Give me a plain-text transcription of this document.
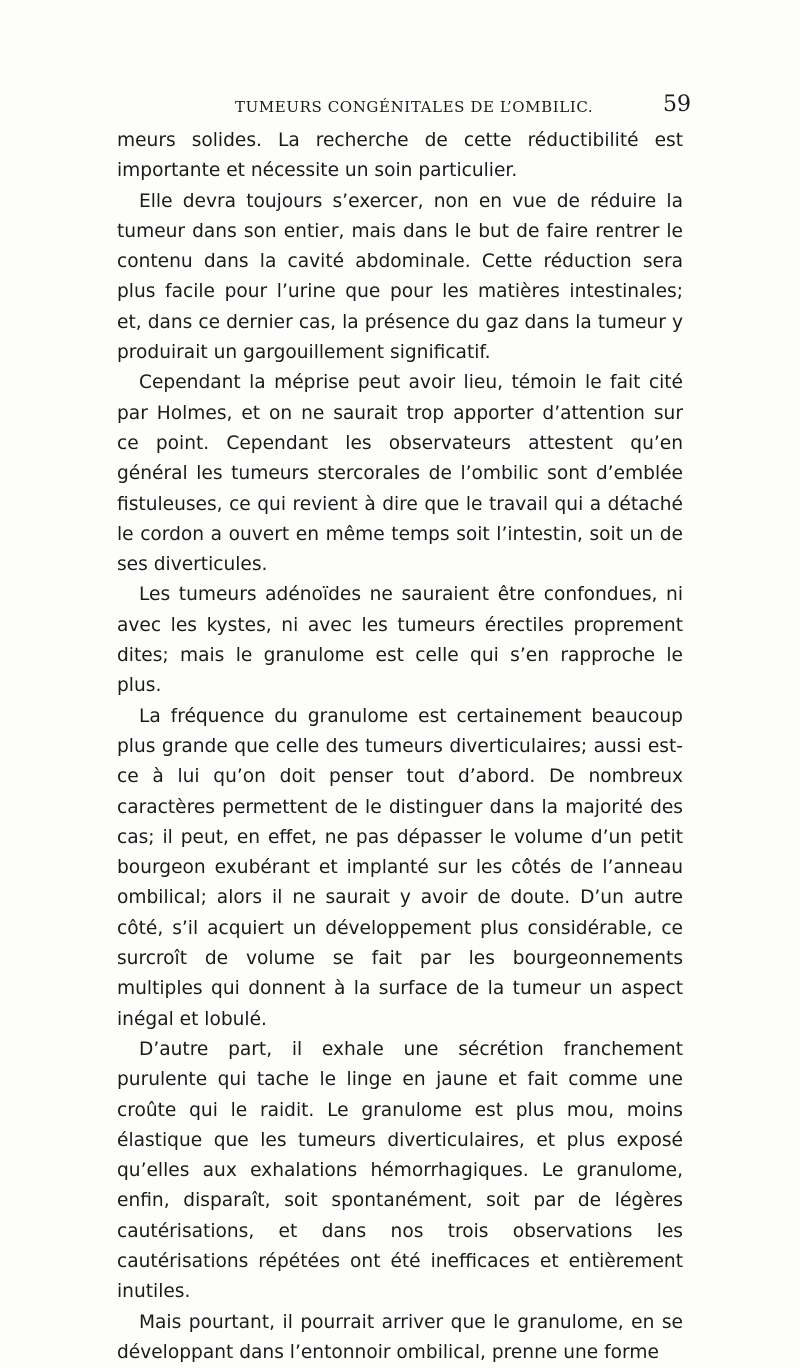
TUMEURS CONGÉNITALES DE L’OMBILIC.	59

meurs solides. La recherche de cette réductibilité est importante et nécessite un soin particulier.

Elle devra toujours s’exercer, non en vue de réduire la tumeur dans son entier, mais dans le but de faire rentrer le contenu dans la cavité abdominale. Cette réduction sera plus facile pour l’urine que pour les matières intestinales; et, dans ce dernier cas, la présence du gaz dans la tumeur y produirait un gargouillement significatif.

Cependant la méprise peut avoir lieu, témoin le fait cité par Holmes, et on ne saurait trop apporter d’attention sur ce point. Cependant les observateurs attestent qu’en général les tumeurs stercorales de l’ombilic sont d’emblée fistuleuses, ce qui revient à dire que le travail qui a détaché le cordon a ouvert en même temps soit l’intestin, soit un de ses diverticules.

Les tumeurs adénoïdes ne sauraient être confondues, ni avec les kystes, ni avec les tumeurs érectiles proprement dites; mais le granulome est celle qui s’en rapproche le plus.

La fréquence du granulome est certainement beaucoup plus grande que celle des tumeurs diverticulaires; aussi est-ce à lui qu’on doit penser tout d’abord. De nombreux caractères permettent de le distinguer dans la majorité des cas; il peut, en effet, ne pas dépasser le volume d’un petit bourgeon exubérant et implanté sur les côtés de l’anneau ombilical; alors il ne saurait y avoir de doute. D’un autre côté, s’il acquiert un développement plus considérable, ce surcroît de volume se fait par les bourgeonnements multiples qui donnent à la surface de la tumeur un aspect inégal et lobulé.

D’autre part, il exhale une sécrétion franchement purulente qui tache le linge en jaune et fait comme une croûte qui le raidit. Le granulome est plus mou, moins élastique que les tumeurs diverticulaires, et plus exposé qu’elles aux exhalations hémorrhagiques. Le granulome, enfin, disparaît, soit spontanément, soit par de légères cautérisations, et dans nos trois observations les cautérisations répétées ont été inefficaces et entièrement inutiles.

Mais pourtant, il pourrait arriver que le granulome, en se développant dans l’entonnoir ombilical, prenne une forme
